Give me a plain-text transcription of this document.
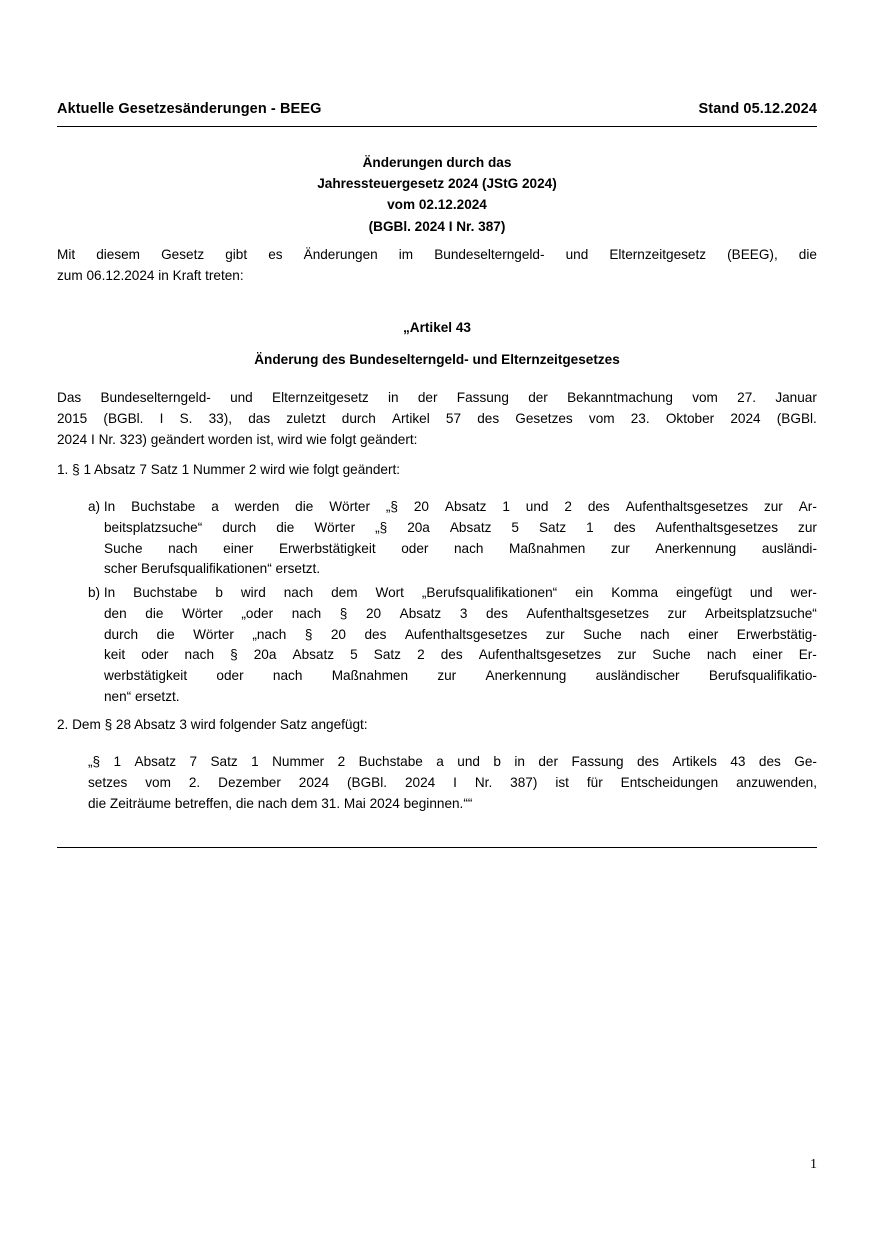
Aktuelle Gesetzesänderungen - BEEG	Stand 05.12.2024
Änderungen durch das
Jahressteuergesetz 2024 (JStG 2024)
vom 02.12.2024
(BGBl. 2024 I Nr. 387)
Mit diesem Gesetz gibt es Änderungen im Bundeselterngeld- und Elternzeitgesetz (BEEG), die
zum 06.12.2024 in Kraft treten:
„Artikel 43
Änderung des Bundeselterngeld- und Elternzeitgesetzes
Das Bundeselterngeld- und Elternzeitgesetz in der Fassung der Bekanntmachung vom 27. Januar
2015 (BGBl. I S. 33), das zuletzt durch Artikel 57 des Gesetzes vom 23. Oktober 2024 (BGBl.
2024 I Nr. 323) geändert worden ist, wird wie folgt geändert:
1. § 1 Absatz 7 Satz 1 Nummer 2 wird wie folgt geändert:
a) In Buchstabe a werden die Wörter „§ 20 Absatz 1 und 2 des Aufenthaltsgesetzes zur Ar-
beitsplatzsuche“ durch die Wörter „§ 20a Absatz 5 Satz 1 des Aufenthaltsgesetzes zur
Suche nach einer Erwerbstätigkeit oder nach Maßnahmen zur Anerkennung ausländi-
scher Berufsqualifikationen“ ersetzt.
b) In Buchstabe b wird nach dem Wort „Berufsqualifikationen“ ein Komma eingefügt und wer-
den die Wörter „oder nach § 20 Absatz 3 des Aufenthaltsgesetzes zur Arbeitsplatzsuche“
durch die Wörter „nach § 20 des Aufenthaltsgesetzes zur Suche nach einer Erwerbstätig-
keit oder nach § 20a Absatz 5 Satz 2 des Aufenthaltsgesetzes zur Suche nach einer Er-
werbstätigkeit oder nach Maßnahmen zur Anerkennung ausländischer Berufsqualifikatio-
nen“ ersetzt.
2. Dem § 28 Absatz 3 wird folgender Satz angefügt:
„§ 1 Absatz 7 Satz 1 Nummer 2 Buchstabe a und b in der Fassung des Artikels 43 des Ge-
setzes vom 2. Dezember 2024 (BGBl. 2024 I Nr. 387) ist für Entscheidungen anzuwenden,
die Zeiträume betreffen, die nach dem 31. Mai 2024 beginnen.““
1
